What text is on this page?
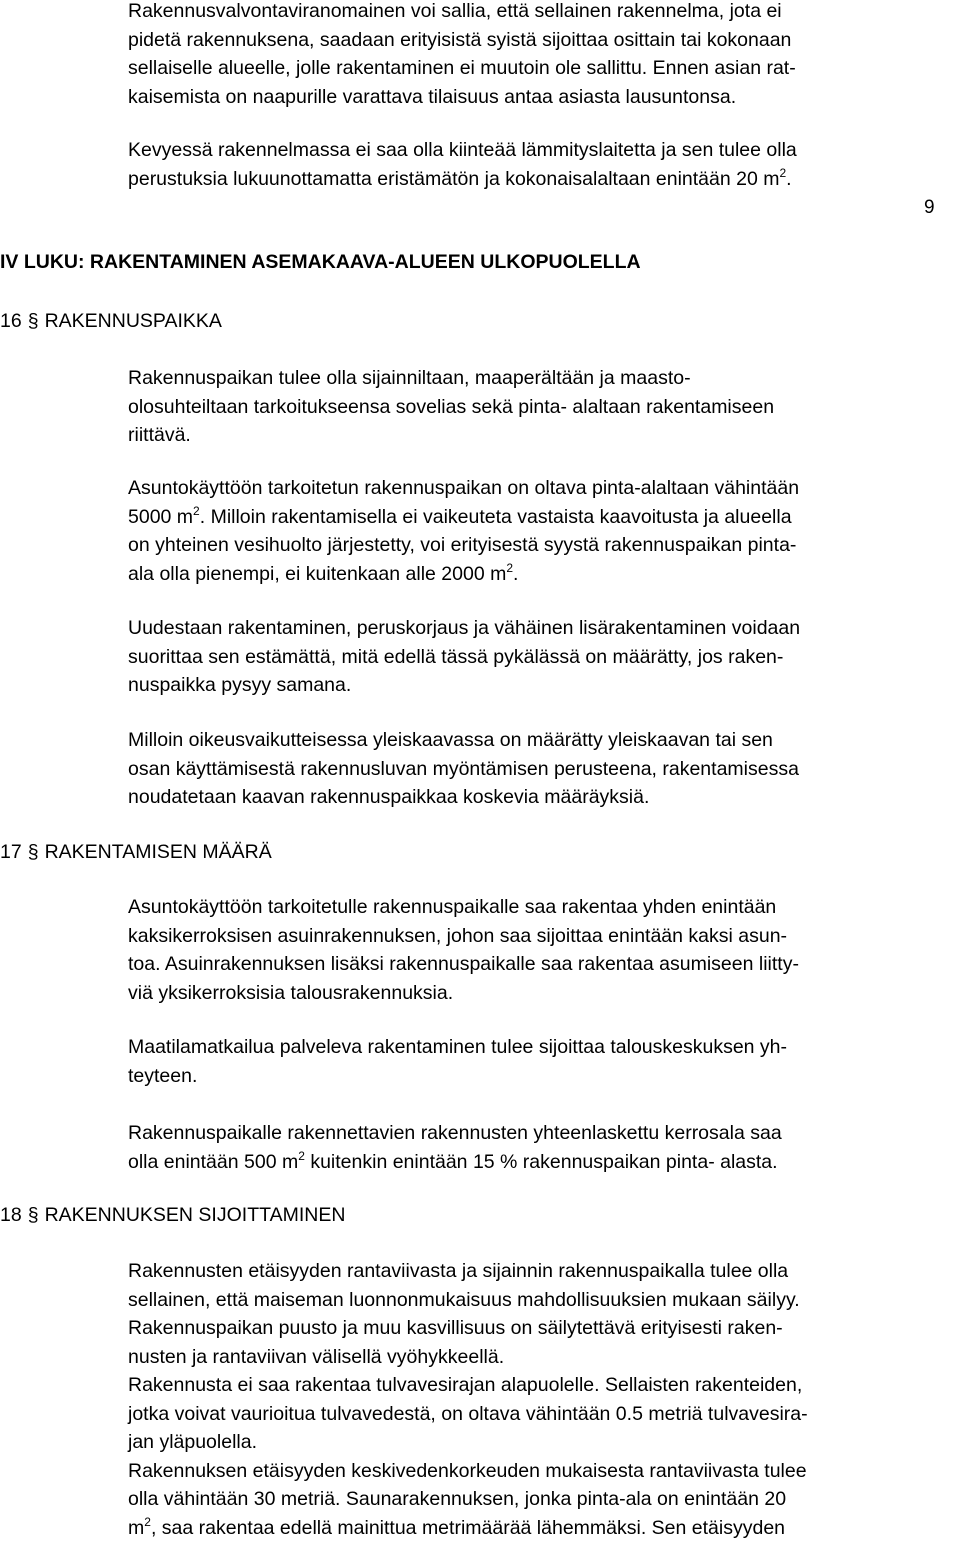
Rakennusvalvontaviranomainen voi sallia, että sellainen rakennelma, jota ei
pidetä rakennuksena, saadaan erityisistä syistä sijoittaa osittain tai kokonaan
sellaiselle alueelle, jolle rakentaminen ei muutoin ole sallittu. Ennen asian rat-
kaisemista on naapurille varattava tilaisuus antaa asiasta lausuntonsa.

Kevyessä rakennelmassa ei saa olla kiinteää lämmityslaitetta ja sen tulee olla
perustuksia lukuunottamatta eristämätön ja kokonaisalaltaan enintään 20 $m^2$.

9

IV LUKU: RAKENTAMINEN ASEMAKAAVA-ALUEEN ULKOPUOLELLA
16 § RAKENNUSPAIKKA

Rakennuspaikan tulee olla sijainniltaan, maaperältään ja maasto-
olosuhteiltaan tarkoitukseensa sovelias sekä pinta- alaltaan rakentamiseen
riittävä.

Asuntokäyttöön tarkoitetun rakennuspaikan on oltava pinta-alaltaan vähintään
5000 $m^2$. Milloin rakentamisella ei vaikeuteta vastaista kaavoitusta ja alueella
on yhteinen vesihuolto järjestetty, voi erityisestä syystä rakennuspaikan pinta-
ala olla pienempi, ei kuitenkaan alle 2000 $m^2$.

Uudestaan rakentaminen, peruskorjaus ja vähäinen lisärakentaminen voidaan
suorittaa sen estämättä, mitä edellä tässä pykälässä on määrätty, jos raken-
nuspaikka pysyy samana.

Milloin oikeusvaikutteisessa yleiskaavassa on määrätty yleiskaavan tai sen
osan käyttämisestä rakennusluvan myöntämisen perusteena, rakentamisessa
noudatetaan kaavan rakennuspaikkaa koskevia määräyksiä.

17 § RAKENTAMISEN MÄÄRÄ

Asuntokäyttöön tarkoitetulle rakennuspaikalle saa rakentaa yhden enintään
kaksikerroksisen asuinrakennuksen, johon saa sijoittaa enintään kaksi asun-
toa. Asuinrakennuksen lisäksi rakennuspaikalle saa rakentaa asumiseen liitty-
viä yksikerroksisia talousrakennuksia.

Maatilamatkailua palveleva rakentaminen tulee sijoittaa talouskeskuksen yh-
teyteen.

Rakennuspaikalle rakennettavien rakennusten yhteenlaskettu kerrosala saa
olla enintään 500 $m^2$ kuitenkin enintään 15 % rakennuspaikan pinta- alasta.

18 § RAKENNUKSEN SIJOITTAMINEN

Rakennusten etäisyyden rantaviivasta ja sijainnin rakennuspaikalla tulee olla
sellainen, että maiseman luonnonmukaisuus mahdollisuuksien mukaan säilyy.
Rakennuspaikan puusto ja muu kasvillisuus on säilytettävä erityisesti raken-
nusten ja rantaviivan välisellä vyöhykkeellä.
Rakennusta ei saa rakentaa tulvavesirajan alapuolelle. Sellaisten rakenteiden,
jotka voivat vaurioitua tulvavedestä, on oltava vähintään 0.5 metriä tulvavesira-
jan yläpuolella.
Rakennuksen etäisyyden keskivedenkorkeuden mukaisesta rantaviivasta tulee
olla vähintään 30 metriä. Saunarakennuksen, jonka pinta-ala on enintään 20
$m^2$, saa rakentaa edellä mainittua metrimäärää lähemmäksi. Sen etäisyyden
